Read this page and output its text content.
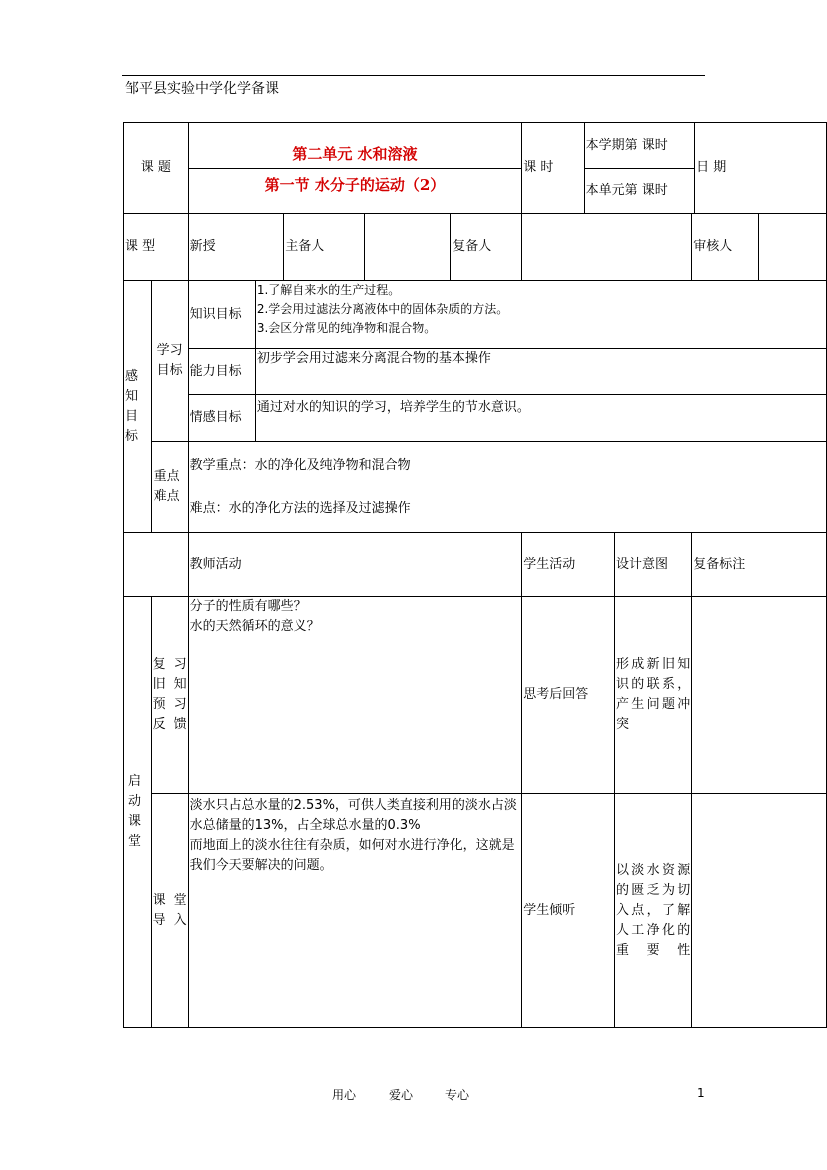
邹平县实验中学化学备课
课 题		第二单元 水和溶液					课 时	本学期第 课时			日 期	
		第一节 水分子的运动（2）						本单元第 课时				
课 型		新授		主备人		复备人				审核人		
感知目标	学习目标	知识目标	1.了解自来水的生产过程。
2.学会用过滤法分离液体中的固体杂质的方法。
3.会区分常见的纯净物和混合物。									

		能力目标	初步学会用过滤来分离混合物的基本操作									
		情感目标	通过对水的知识的学习，培养学生的节水意识。									
	重点难点	教学重点：水的净化及纯净物和混合物
难点：水的净化方法的选择及过滤操作										

		教师活动					学生活动		设计意图	复备标注		
启动课堂	复习旧知预习反馈	分子的性质有哪些？
水的天然循环的意义？					思考后回答		形成新旧知识的联系，产生问题冲突			

	课堂导入	淡水只占总水量的2.53%，可供人类直接利用的淡水占淡水总储量的13%，占全球总水量的0.3%
而地面上的淡水往往有杂质，如何对水进行净化，这就是我们今天要解决的问题。					学生倾听		以淡水资源的匮乏为切入点，了解人工净化的重要性			
用心	爱心	专心	1
